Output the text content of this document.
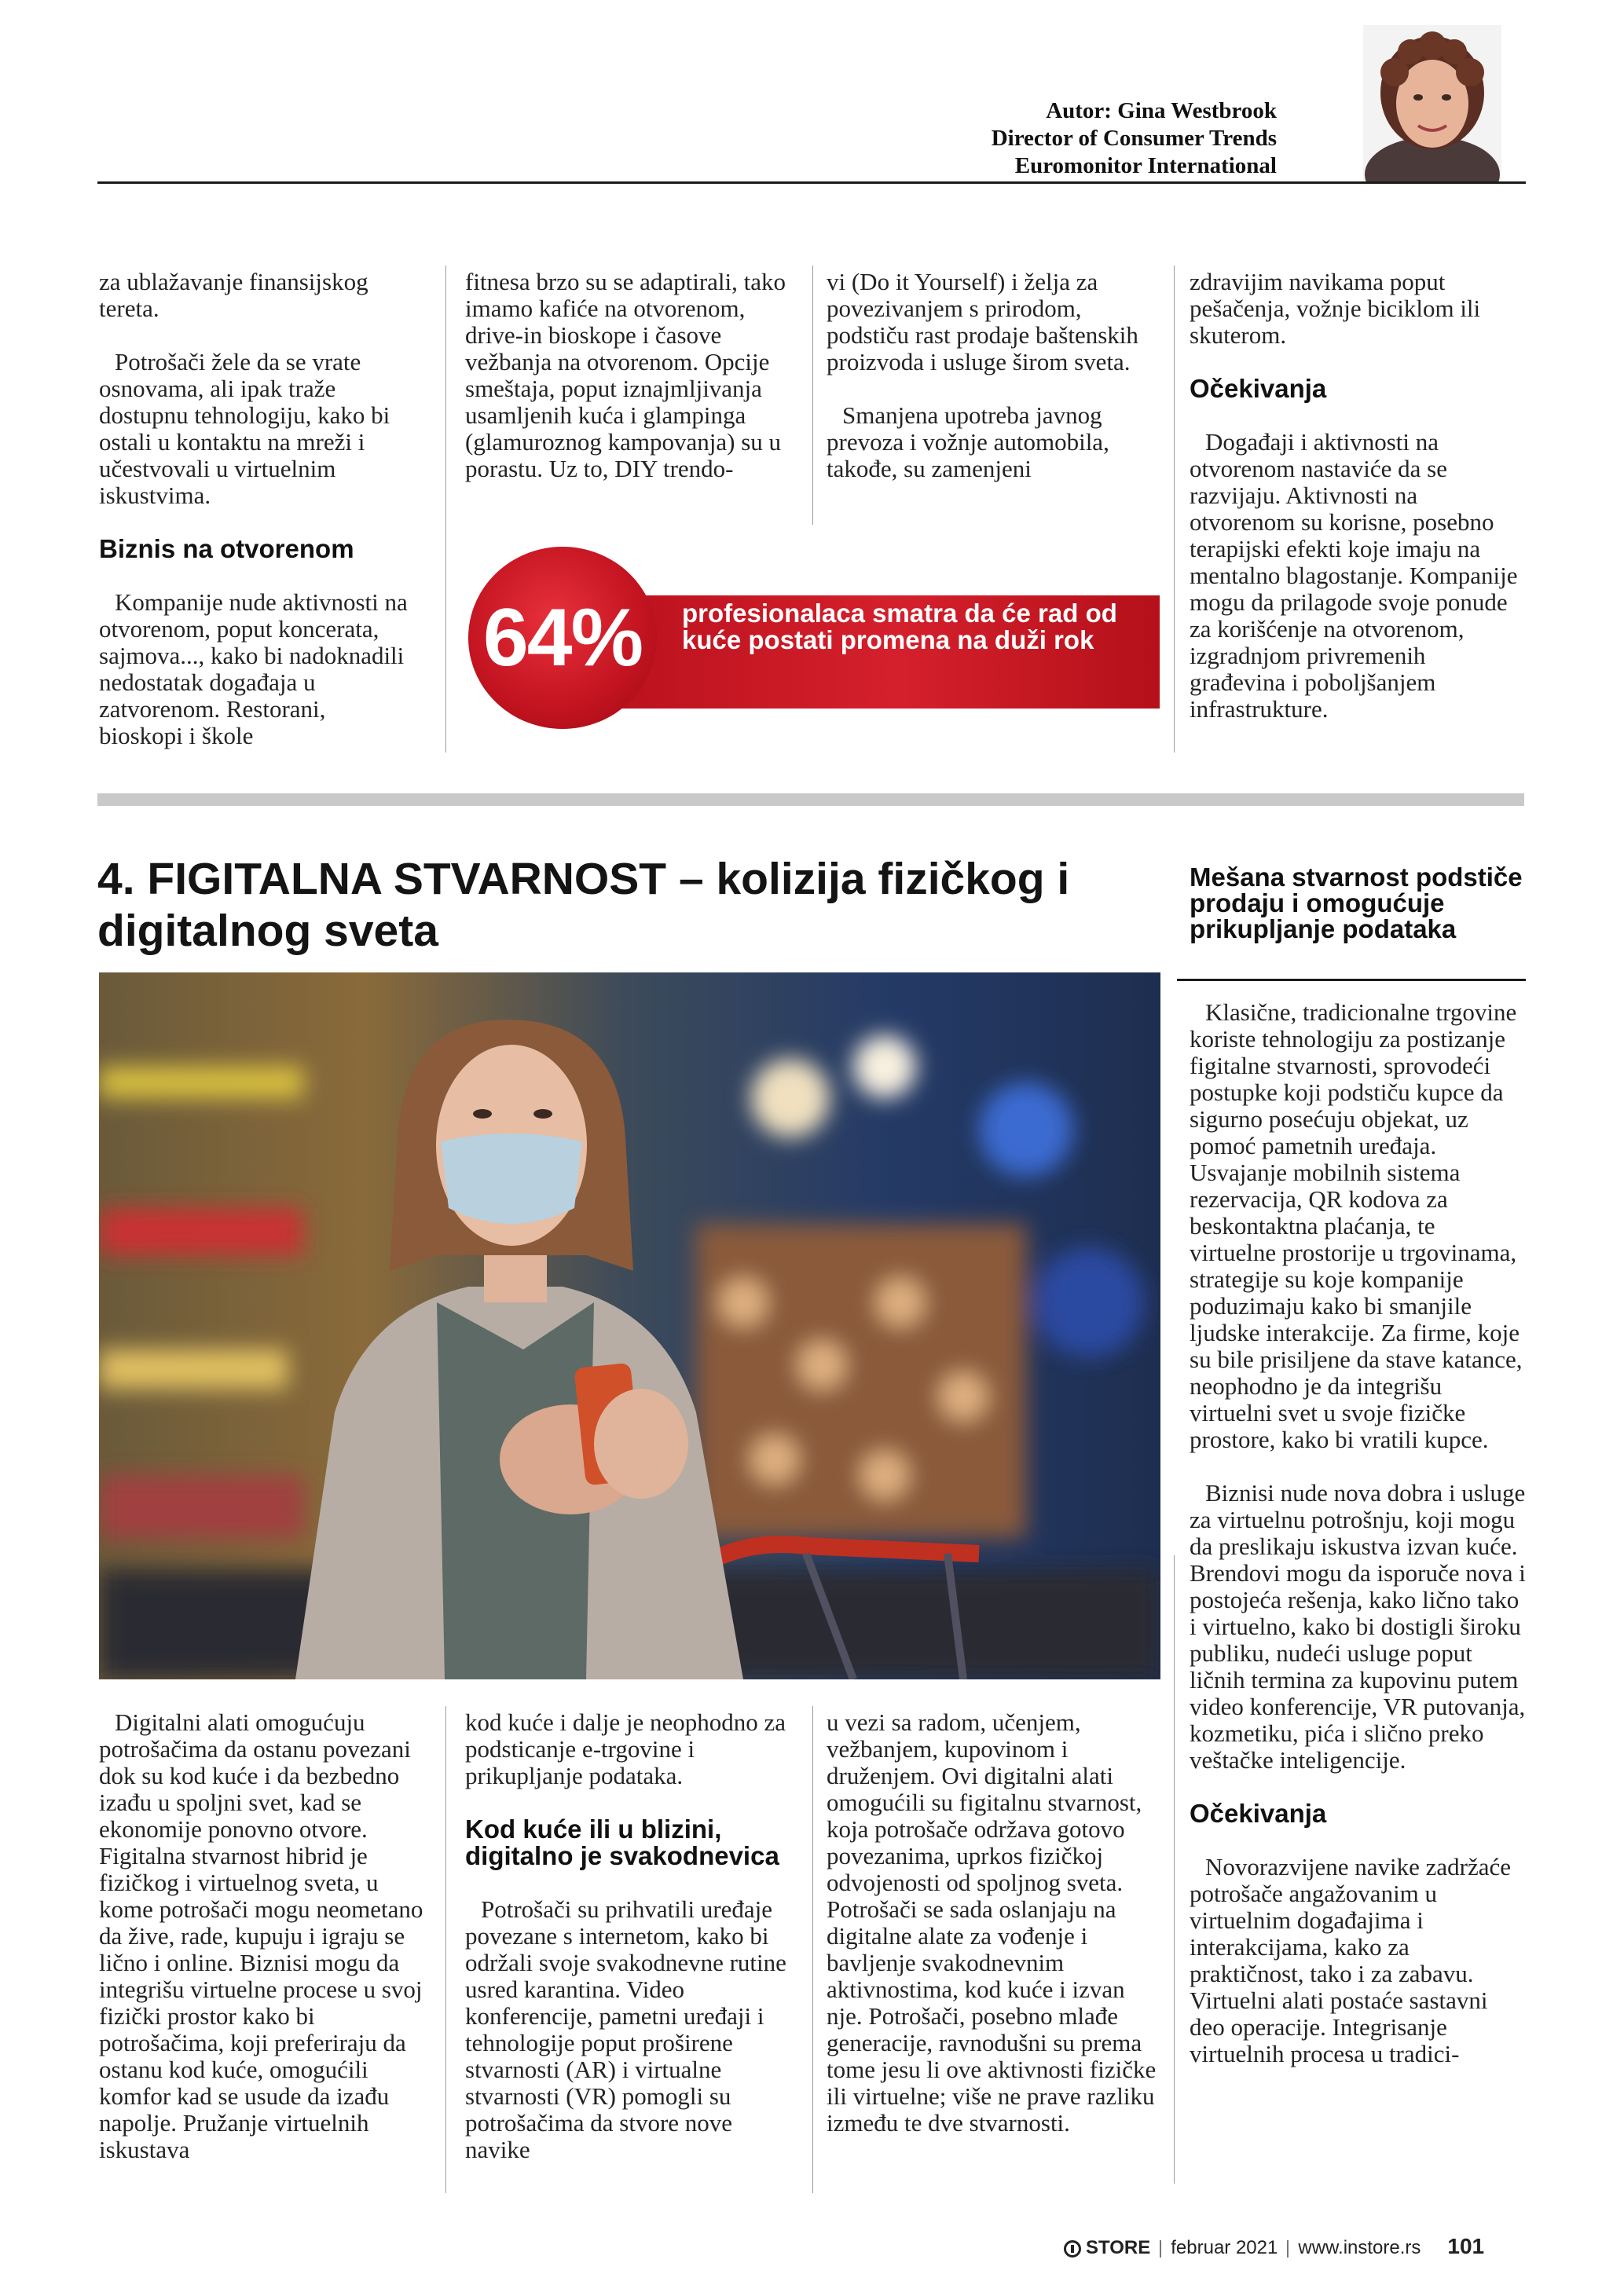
Autor: Gina Westbrook
Director of Consumer Trends
Euromonitor International

za ublažavanje finansijskog tereta.

Potrošači žele da se vrate osnovama, ali ipak traže dostupnu tehnologiju, kako bi ostali u kontaktu na mreži i učestvovali u virtuelnim iskustvima.

Biznis na otvorenom

Kompanije nude aktivnosti na otvorenom, poput koncerata, sajmova..., kako bi nadoknadili nedostatak događaja u zatvorenom. Restorani, bioskopi i škole

fitnesa brzo su se adaptirali, tako imamo kafiće na otvorenom, drive-in bioskope i časove vežbanja na otvorenom. Opcije smeštaja, poput iznajmljivanja usamljenih kuća i glampinga (glamuroznog kampovanja) su u porastu. Uz to, DIY trendo-

vi (Do it Yourself) i želja za povezivanjem s prirodom, podstiču rast prodaje baštenskih proizvoda i usluge širom sveta.

Smanjena upotreba javnog prevoza i vožnje automobila, takođe, su zamenjeni

zdravijim navikama poput pešačenja, vožnje biciklom ili skuterom.

Očekivanja

Događaji i aktivnosti na otvorenom nastaviće da se razvijaju. Aktivnosti na otvorenom su korisne, posebno terapijski efekti koje imaju na mentalno blagostanje. Kompanije mogu da prilagode svoje ponude za korišćenje na otvorenom, izgradnjom privremenih građevina i poboljšanjem infrastrukture.

64%	profesionalaca smatra da će rad od kuće postati promena na duži rok
4. FIGITALNA STVARNOST – kolizija fizičkog i digitalnog sveta
Mešana stvarnost podstiče prodaju i omogućuje prikupljanje podataka

Klasične, tradicionalne trgovine koriste tehnologiju za postizanje figitalne stvarnosti, sprovodeći postupke koji podstiču kupce da sigurno posećuju objekat, uz pomoć pametnih uređaja. Usvajanje mobilnih sistema rezervacija, QR kodova za beskontaktna plaćanja, te virtuelne prostorije u trgovinama, strategije su koje kompanije poduzimaju kako bi smanjile ljudske interakcije. Za firme, koje su bile prisiljene da stave katance, neophodno je da integrišu virtuelni svet u svoje fizičke prostore, kako bi vratili kupce.

Biznisi nude nova dobra i usluge za virtuelnu potrošnju, koji mogu da preslikaju iskustva izvan kuće. Brendovi mogu da isporuče nova i postojeća rešenja, kako lično tako i virtuelno, kako bi dostigli široku publiku, nudeći usluge poput ličnih termina za kupovinu putem video konferencije, VR putovanja, kozmetiku, pića i slično preko veštačke inteligencije.

Očekivanja

Novorazvijene navike zadržaće potrošače angažovanim u virtuelnim događajima i interakcijama, kako za praktičnost, tako i za zabavu. Virtuelni alati postaće sastavni deo operacije. Integrisanje virtuelnih procesa u tradici-

Digitalni alati omogućuju potrošačima da ostanu povezani dok su kod kuće i da bezbedno izađu u spoljni svet, kad se ekonomije ponovno otvore. Figitalna stvarnost hibrid je fizičkog i virtuelnog sveta, u kome potrošači mogu neometano da žive, rade, kupuju i igraju se lično i online. Biznisi mogu da integrišu virtuelne procese u svoj fizički prostor kako bi potrošačima, koji preferiraju da ostanu kod kuće, omogućili komfor kad se usude da izađu napolje. Pružanje virtuelnih iskustava

kod kuće i dalje je neophodno za podsticanje e-trgovine i prikupljanje podataka.

Kod kuće ili u blizini, digitalno je svakodnevica

Potrošači su prihvatili uređaje povezane s internetom, kako bi održali svoje svakodnevne rutine usred karantina. Video konferencije, pametni uređaji i tehnologije poput proširene stvarnosti (AR) i virtualne stvarnosti (VR) pomogli su potrošačima da stvore nove navike

u vezi sa radom, učenjem, vežbanjem, kupovinom i druženjem. Ovi digitalni alati omogućili su figitalnu stvarnost, koja potrošače održava gotovo povezanima, uprkos fizičkoj odvojenosti od spoljnog sveta. Potrošači se sada oslanjaju na digitalne alate za vođenje i bavljenje svakodnevnim aktivnostima, kod kuće i izvan nje. Potrošači, posebno mlađe generacije, ravnodušni su prema tome jesu li ove aktivnosti fizičke ili virtuelne; više ne prave razliku između te dve stvarnosti.

STORE februar 2021 www.instore.rs 101
